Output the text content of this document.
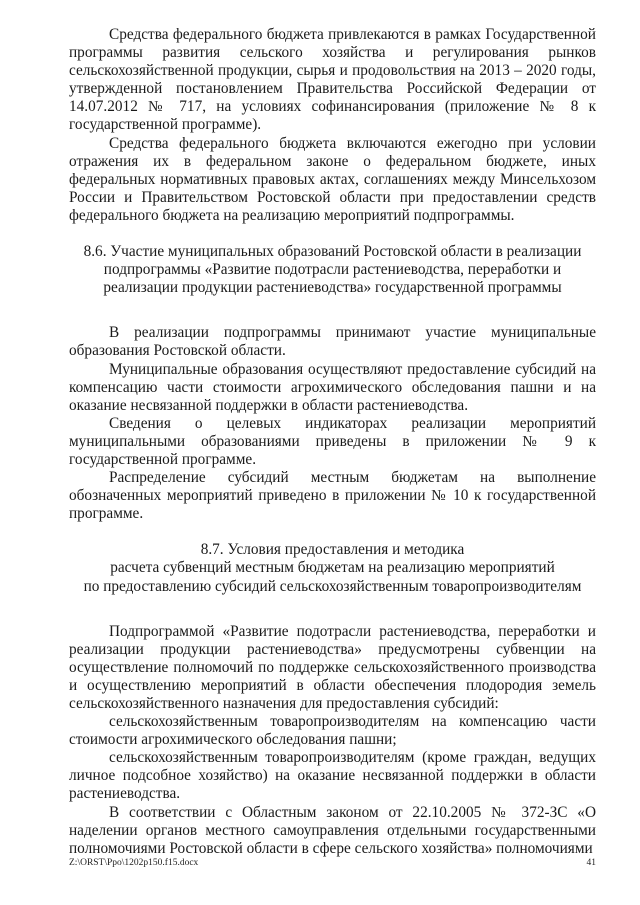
Средства федерального бюджета привлекаются в рамках Государственной программы развития сельского хозяйства и регулирования рынков сельскохозяйственной продукции, сырья и продовольствия на 2013 – 2020 годы, утвержденной постановлением Правительства Российской Федерации от 14.07.2012 № 717, на условиях софинансирования (приложение № 8 к государственной программе).

Средства федерального бюджета включаются ежегодно при условии отражения их в федеральном законе о федеральном бюджете, иных федеральных нормативных правовых актах, соглашениях между Минсельхозом России и Правительством Ростовской области при предоставлении средств федерального бюджета на реализацию мероприятий подпрограммы.

8.6. Участие муниципальных образований Ростовской области в реализации подпрограммы «Развитие подотрасли растениеводства, переработки и реализации продукции растениеводства» государственной программы

В реализации подпрограммы принимают участие муниципальные образования Ростовской области.

Муниципальные образования осуществляют предоставление субсидий на компенсацию части стоимости агрохимического обследования пашни и на оказание несвязанной поддержки в области растениеводства.

Сведения о целевых индикаторах реализации мероприятий муниципальными образованиями приведены в приложении № 9 к государственной программе.

Распределение субсидий местным бюджетам на выполнение обозначенных мероприятий приведено в приложении № 10 к государственной программе.

8.7. Условия предоставления и методика

расчета субвенций местным бюджетам на реализацию мероприятий

по предоставлению субсидий сельскохозяйственным товаропроизводителям

Подпрограммой «Развитие подотрасли растениеводства, переработки и реализации продукции растениеводства» предусмотрены субвенции на осуществление полномочий по поддержке сельскохозяйственного производства и осуществлению мероприятий в области обеспечения плодородия земель сельскохозяйственного назначения для предоставления субсидий:

сельскохозяйственным товаропроизводителям на компенсацию части стоимости агрохимического обследования пашни;

сельскохозяйственным товаропроизводителям (кроме граждан, ведущих личное подсобное хозяйство) на оказание несвязанной поддержки в области растениеводства.

В соответствии с Областным законом от 22.10.2005 № 372-ЗС «О наделении органов местного самоуправления отдельными государственными полномочиями Ростовской области в сфере сельского хозяйства» полномочиями

Z:\ORST\Ppo\1202p150.f15.docx	41
